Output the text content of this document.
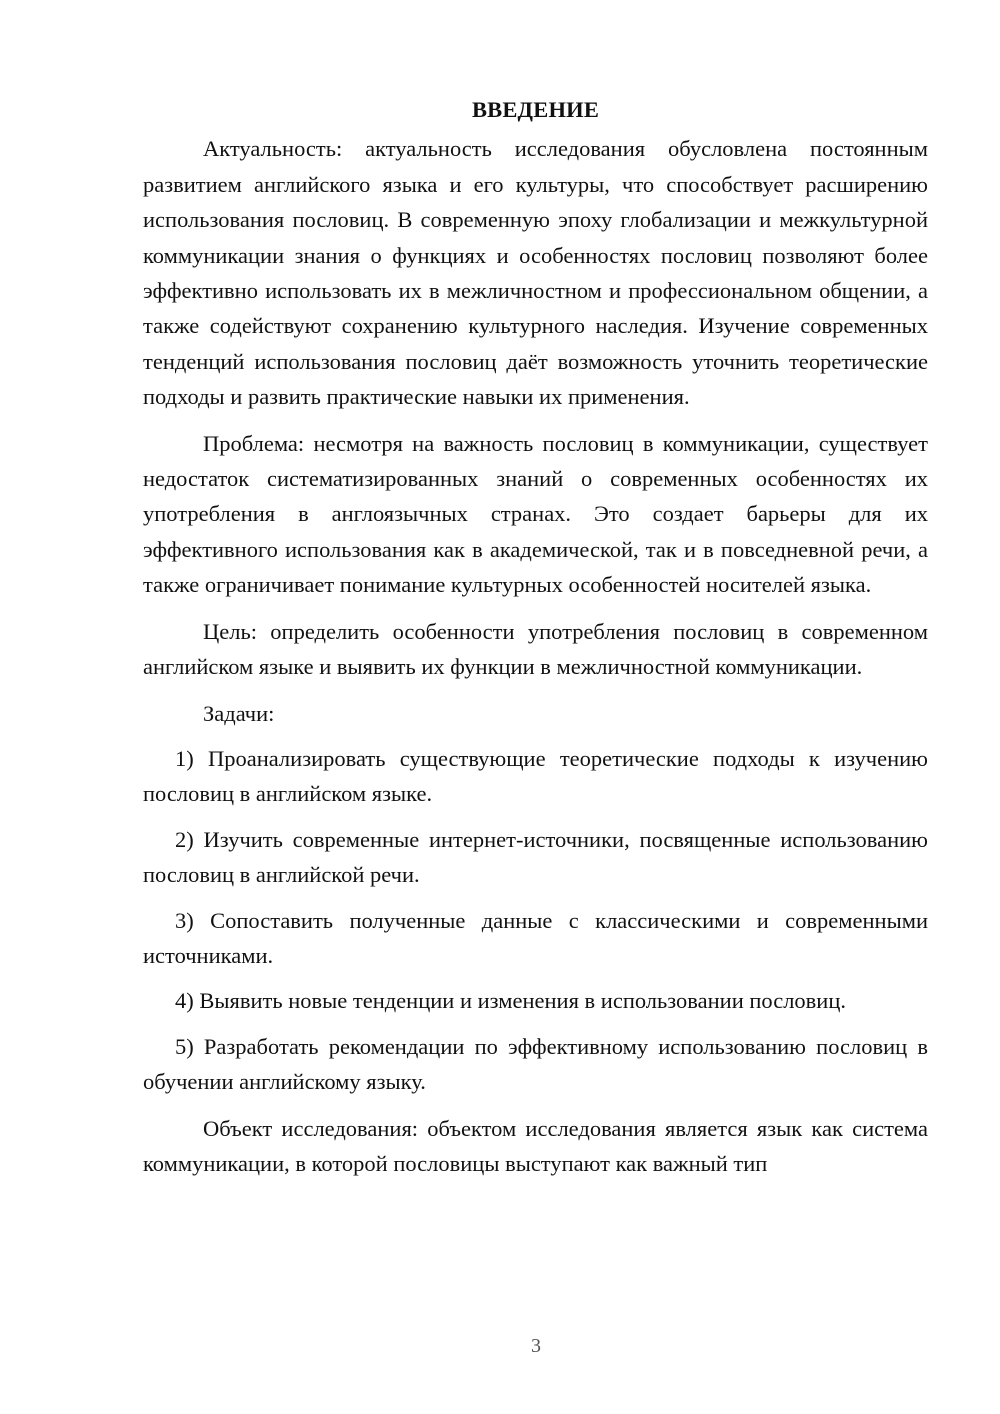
ВВЕДЕНИЕ

Актуальность: актуальность исследования обусловлена постоянным развитием английского языка и его культуры, что способствует расширению использования пословиц. В современную эпоху глобализации и межкультурной коммуникации знания о функциях и особенностях пословиц позволяют более эффективно использовать их в межличностном и профессиональном общении, а также содействуют сохранению культурного наследия. Изучение современных тенденций использования пословиц даёт возможность уточнить теоретические подходы и развить практические навыки их применения.

Проблема: несмотря на важность пословиц в коммуникации, существует недостаток систематизированных знаний о современных особенностях их употребления в англоязычных странах. Это создает барьеры для их эффективного использования как в академической, так и в повседневной речи, а также ограничивает понимание культурных особенностей носителей языка.

Цель: определить особенности употребления пословиц в современном английском языке и выявить их функции в межличностной коммуникации.

Задачи:

1) Проанализировать существующие теоретические подходы к изучению пословиц в английском языке.

2) Изучить современные интернет-источники, посвященные использованию пословиц в английской речи.

3) Сопоставить полученные данные с классическими и современными источниками.

4) Выявить новые тенденции и изменения в использовании пословиц.

5) Разработать рекомендации по эффективному использованию пословиц в обучении английскому языку.

Объект исследования: объектом исследования является язык как система коммуникации, в которой пословицы выступают как важный тип

3
